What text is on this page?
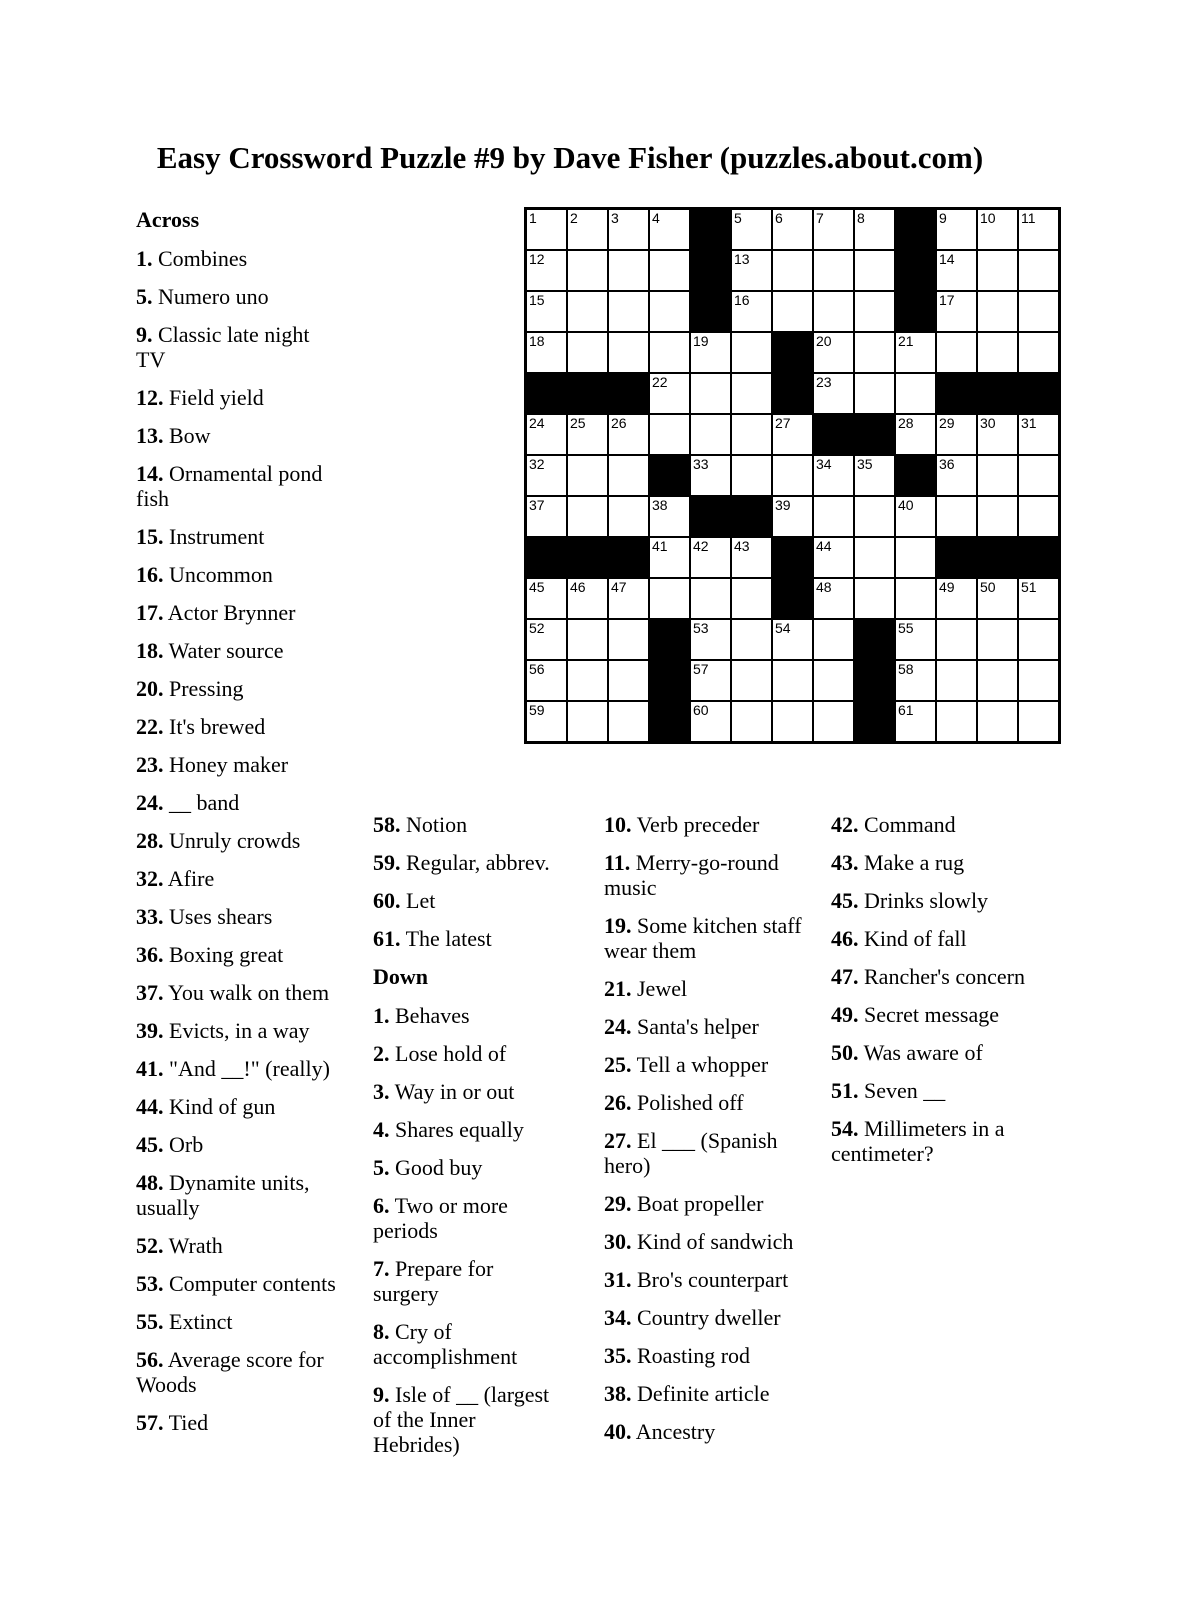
Easy Crossword Puzzle #9 by Dave Fisher (puzzles.about.com)
1 2 3 4	5 6 7 8	9 10 11
12	13	14
15	16	17
18	19	20	21
22	23
24 25 26	27	28 29 30 31
32	33	34 35	36
37	38	39	40
41 42 43	44
45 46 47	48	49 50 51
52	53	54	55
56	57	58
59	60	61
Across
1. Combines
5. Numero uno
9. Classic late night TV
12. Field yield
13. Bow
14. Ornamental pond fish
15. Instrument
16. Uncommon
17. Actor Brynner
18. Water source
20. Pressing
22. It's brewed
23. Honey maker
24. __ band
28. Unruly crowds
32. Afire
33. Uses shears
36. Boxing great
37. You walk on them
39. Evicts, in a way
41. "And __!" (really)
44. Kind of gun
45. Orb
48. Dynamite units, usually
52. Wrath
53. Computer contents
55. Extinct
56. Average score for Woods
57. Tied
58. Notion
59. Regular, abbrev.
60. Let
61. The latest
Down
1. Behaves
2. Lose hold of
3. Way in or out
4. Shares equally
5. Good buy
6. Two or more periods
7. Prepare for surgery
8. Cry of accomplishment
9. Isle of __ (largest of the Inner Hebrides)
10. Verb preceder
11. Merry-go-round music
19. Some kitchen staff wear them
21. Jewel
24. Santa's helper
25. Tell a whopper
26. Polished off
27. El ___ (Spanish hero)
29. Boat propeller
30. Kind of sandwich
31. Bro's counterpart
34. Country dweller
35. Roasting rod
38. Definite article
40. Ancestry
42. Command
43. Make a rug
45. Drinks slowly
46. Kind of fall
47. Rancher's concern
49. Secret message
50. Was aware of
51. Seven __
54. Millimeters in a centimeter?
